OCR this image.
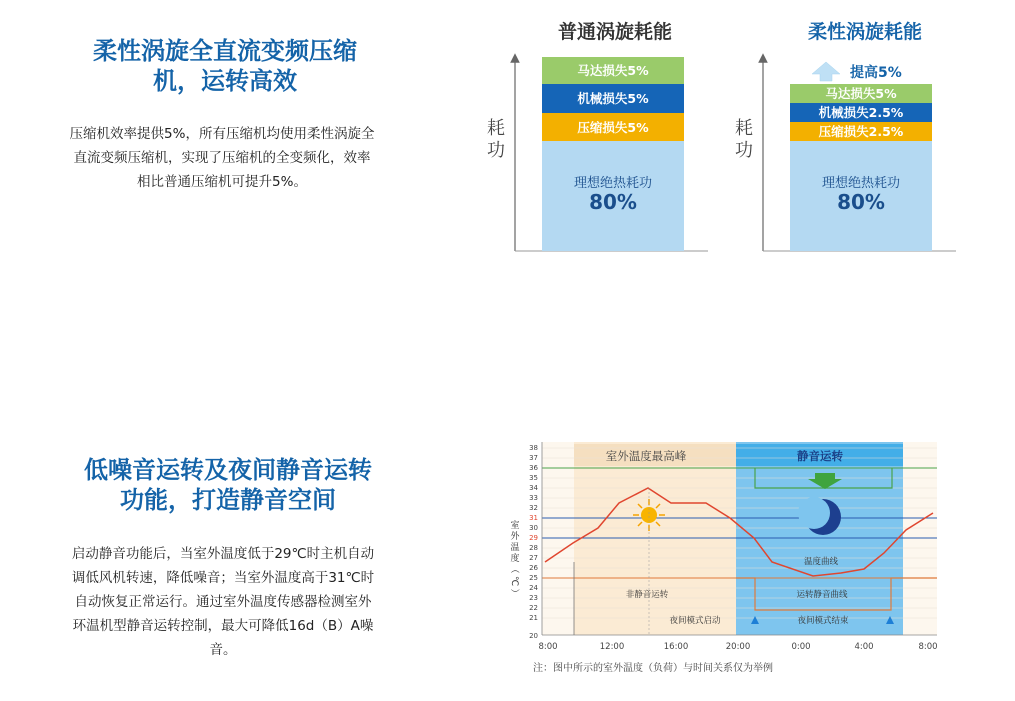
柔性涡旋全直流变频压缩
机，运转高效
压缩机效率提供5%，所有压缩机均使用柔性涡旋全
直流变频压缩机，实现了压缩机的全变频化，效率
相比普通压缩机可提升5%。
普通涡旋耗能
耗
功
马达损失5%
机械损失5%
压缩损失5%
理想绝热耗功
80%
柔性涡旋耗能
耗
功
提高5%
马达损失5%
机械损失2.5%
压缩损失2.5%
理想绝热耗功
80%
低噪音运转及夜间静音运转
功能，打造静音空间
启动静音功能后，当室外温度低于29℃时主机自动
调低风机转速，降低噪音；当室外温度高于31℃时
自动恢复正常运行。通过室外温度传感器检测室外
环温机型静音运转控制，最大可降低16d（B）A噪
音。
38
37
36
35
34
33
32
31
30
29
28
27
26
25
24
23
22
21
20
室
外
温
度
（
℃
）
8:00	12:00	16:00	20:00	0:00	4:00	8:00
室外温度最高峰	静音运转
温度曲线
非静音运转	运转静音曲线
夜间模式启动	夜间模式结束
注：图中所示的室外温度（负荷）与时间关系仅为举例
